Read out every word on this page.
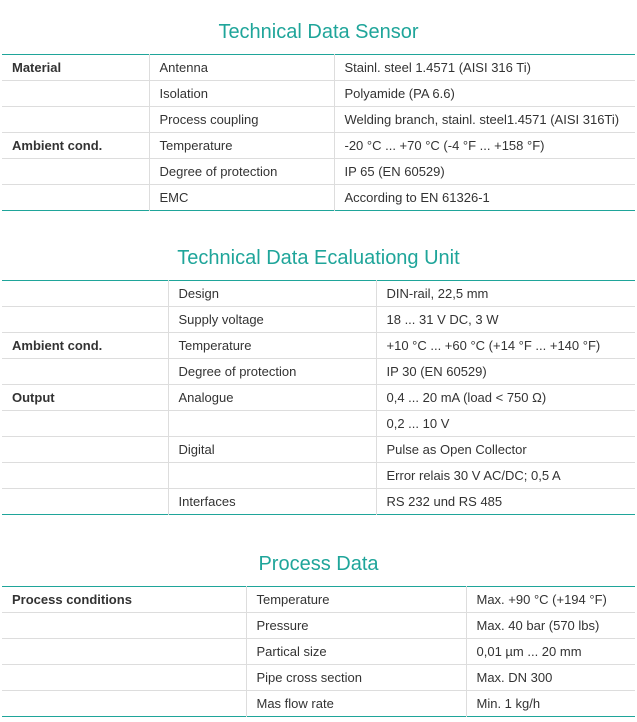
Technical Data Sensor
Material	Antenna	Stainl. steel 1.4571 (AISI 316 Ti)
	Isolation	Polyamide (PA 6.6)
	Process coupling	Welding branch, stainl. steel1.4571 (AISI 316Ti)
Ambient cond.	Temperature	-20 °C ... +70 °C (-4 °F ... +158 °F)
	Degree of protection	IP 65 (EN 60529)
	EMC	According to EN 61326-1
Technical Data Ecaluationg Unit
	Design	DIN-rail, 22,5 mm
	Supply voltage	18 ... 31 V DC, 3 W
Ambient cond.	Temperature	+10 °C ... +60 °C (+14 °F ... +140 °F)
	Degree of protection	IP 30 (EN 60529)
Output	Analogue	0,4 ... 20 mA (load < 750 Ω)
		0,2 ... 10 V
	Digital	Pulse as Open Collector
		Error relais 30 V AC/DC; 0,5 A
	Interfaces	RS 232 und RS 485
Process Data
Process conditions	Temperature	Max. +90 °C (+194 °F)
	Pressure	Max. 40 bar (570 lbs)
	Partical size	0,01 µm ... 20 mm
	Pipe cross section	Max. DN 300
	Mas flow rate	Min. 1 kg/h
